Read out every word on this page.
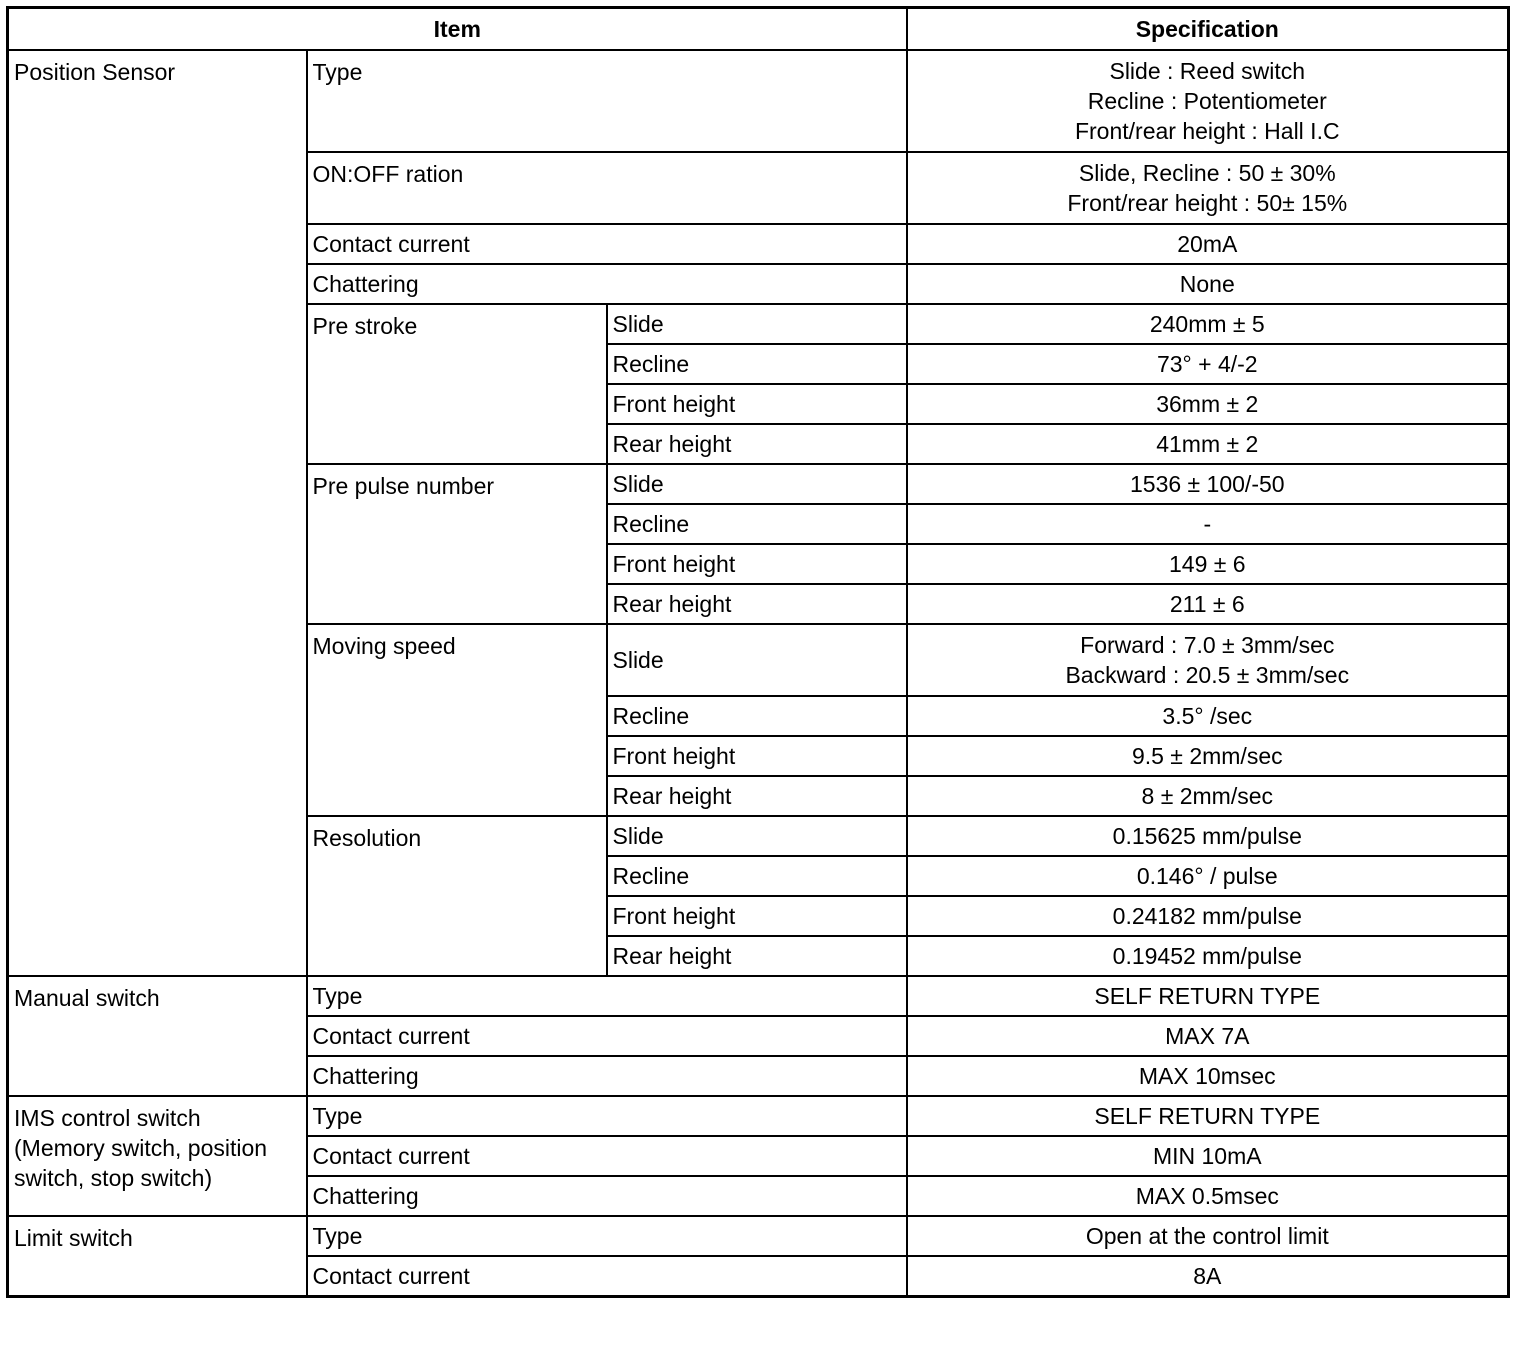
Item			Specification
Position Sensor	Type		Slide : Reed switch
Recline : Potentiometer
Front/rear height : Hall I.C

	ON:OFF ration		Slide, Recline : 50 ± 30%
Front/rear height : 50± 15%

	Contact current		20mA
	Chattering		None
	Pre stroke	Slide	240mm ± 5
		Recline	73° + 4/-2
		Front height	36mm ± 2
		Rear height	41mm ± 2
	Pre pulse number	Slide	1536 ± 100/-50
		Recline	-
		Front height	149 ± 6
		Rear height	211 ± 6
	Moving speed	Slide	Forward : 7.0 ± 3mm/sec
Backward : 20.5 ± 3mm/sec

		Recline	3.5° /sec
		Front height	9.5 ± 2mm/sec
		Rear height	8 ± 2mm/sec
	Resolution	Slide	0.15625 mm/pulse
		Recline	0.146° / pulse
		Front height	0.24182 mm/pulse
		Rear height	0.19452 mm/pulse
Manual switch	Type		SELF RETURN TYPE
	Contact current		MAX 7A
	Chattering		MAX 10msec

IMS control switch
(Memory switch, position
switch, stop switch)	Type		SELF RETURN TYPE
	Contact current		MIN 10mA
	Chattering		MAX 0.5msec
Limit switch	Type		Open at the control limit
	Contact current		8A
